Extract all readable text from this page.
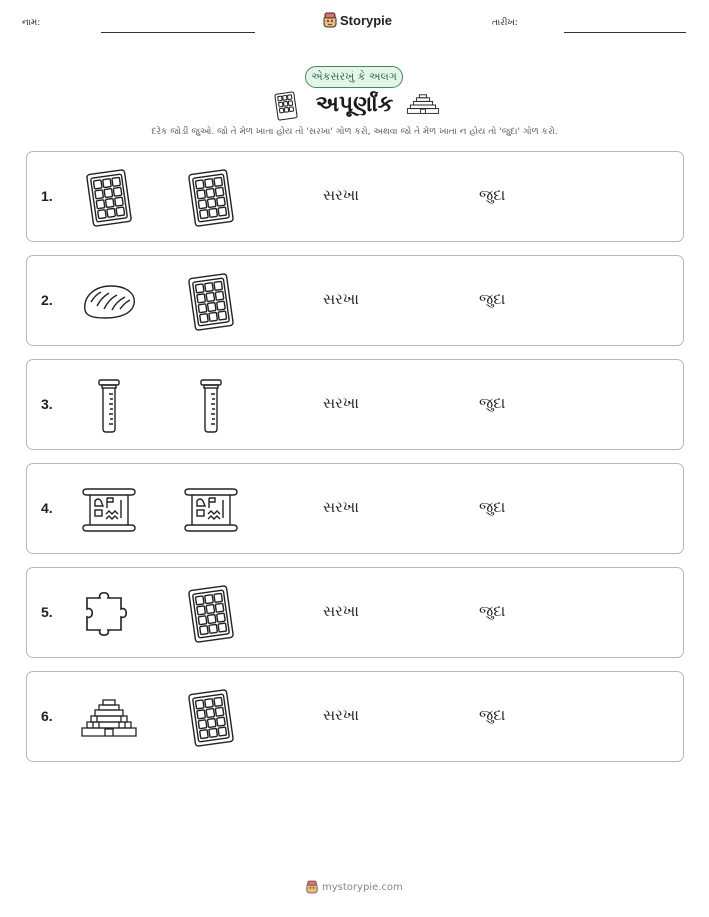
નામ:	Storypie	તારીખ:
એકસરખું કે અલગ
અપૂર્ણાંક
દરેક જોડી જુઓ. જો તે મેળ ખાતા હોય તો 'સરખા' ગોળ કરો, અથવા જો તે મેળ ખાતા ન હોય તો 'જુદા' ગોળ કરો.
1.	સરખા	જુદા
2.	સરખા	જુદા
3.	સરખા	જુદા
4.	સરખા	જુદા
5.	સરખા	જુદા
6.	સરખા	જુદા
mystorypie.com
